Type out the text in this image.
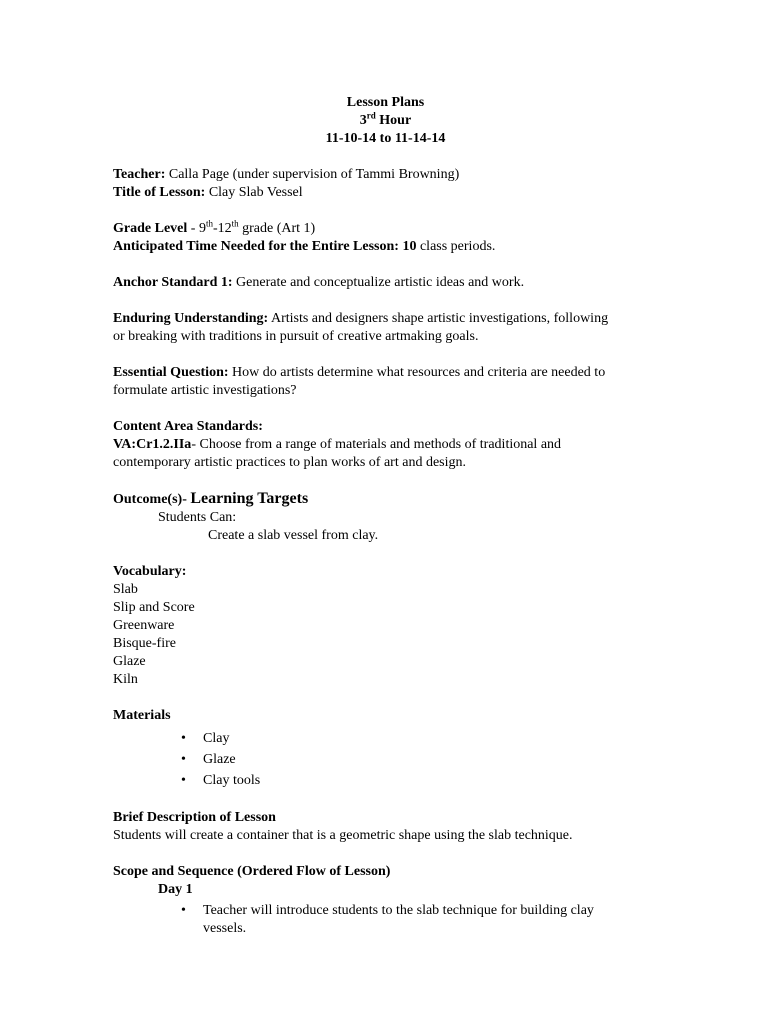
Lesson Plans
3rd Hour
11-10-14 to 11-14-14
Teacher: Calla Page (under supervision of Tammi Browning)
Title of Lesson: Clay Slab Vessel
Grade Level - 9th-12th grade (Art 1)
Anticipated Time Needed for the Entire Lesson: 10 class periods.
Anchor Standard 1: Generate and conceptualize artistic ideas and work.
Enduring Understanding: Artists and designers shape artistic investigations, following
or breaking with traditions in pursuit of creative artmaking goals.
Essential Question: How do artists determine what resources and criteria are needed to
formulate artistic investigations?
Content Area Standards:
VA:Cr1.2.IIa- Choose from a range of materials and methods of traditional and
contemporary artistic practices to plan works of art and design.
Outcome(s)- Learning Targets
Students Can:
Create a slab vessel from clay.
Vocabulary:
Slab
Slip and Score
Greenware
Bisque-fire
Glaze
Kiln
Materials
• Clay
• Glaze
• Clay tools
Brief Description of Lesson
Students will create a container that is a geometric shape using the slab technique.
Scope and Sequence (Ordered Flow of Lesson)
Day 1
• Teacher will introduce students to the slab technique for building clay
vessels.
